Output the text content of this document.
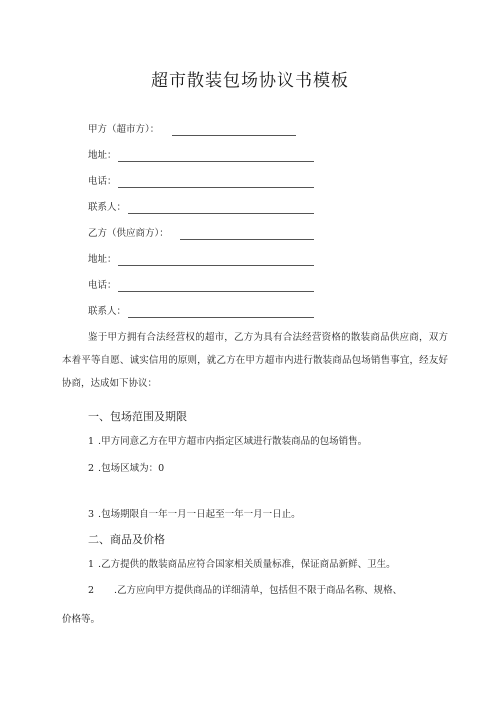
超市散装包场协议书模板
甲方（超市方）：
地址：
电话：
联系人：
乙方（供应商方）：
地址：
电话：
联系人：
鉴于甲方拥有合法经营权的超市，乙方为具有合法经营资格的散装商品供应商，双方本着平等自愿、诚实信用的原则，就乙方在甲方超市内进行散装商品包场销售事宜，经友好协商，达成如下协议：
一、包场范围及期限
1 .甲方同意乙方在甲方超市内指定区域进行散装商品的包场销售。
2 .包场区域为：0
3 .包场期限自一年一月一日起至一年一月一日止。
二、商品及价格
1 .乙方提供的散装商品应符合国家相关质量标准，保证商品新鲜、卫生。
2 .乙方应向甲方提供商品的详细清单，包括但不限于商品名称、规格、
价格等。
